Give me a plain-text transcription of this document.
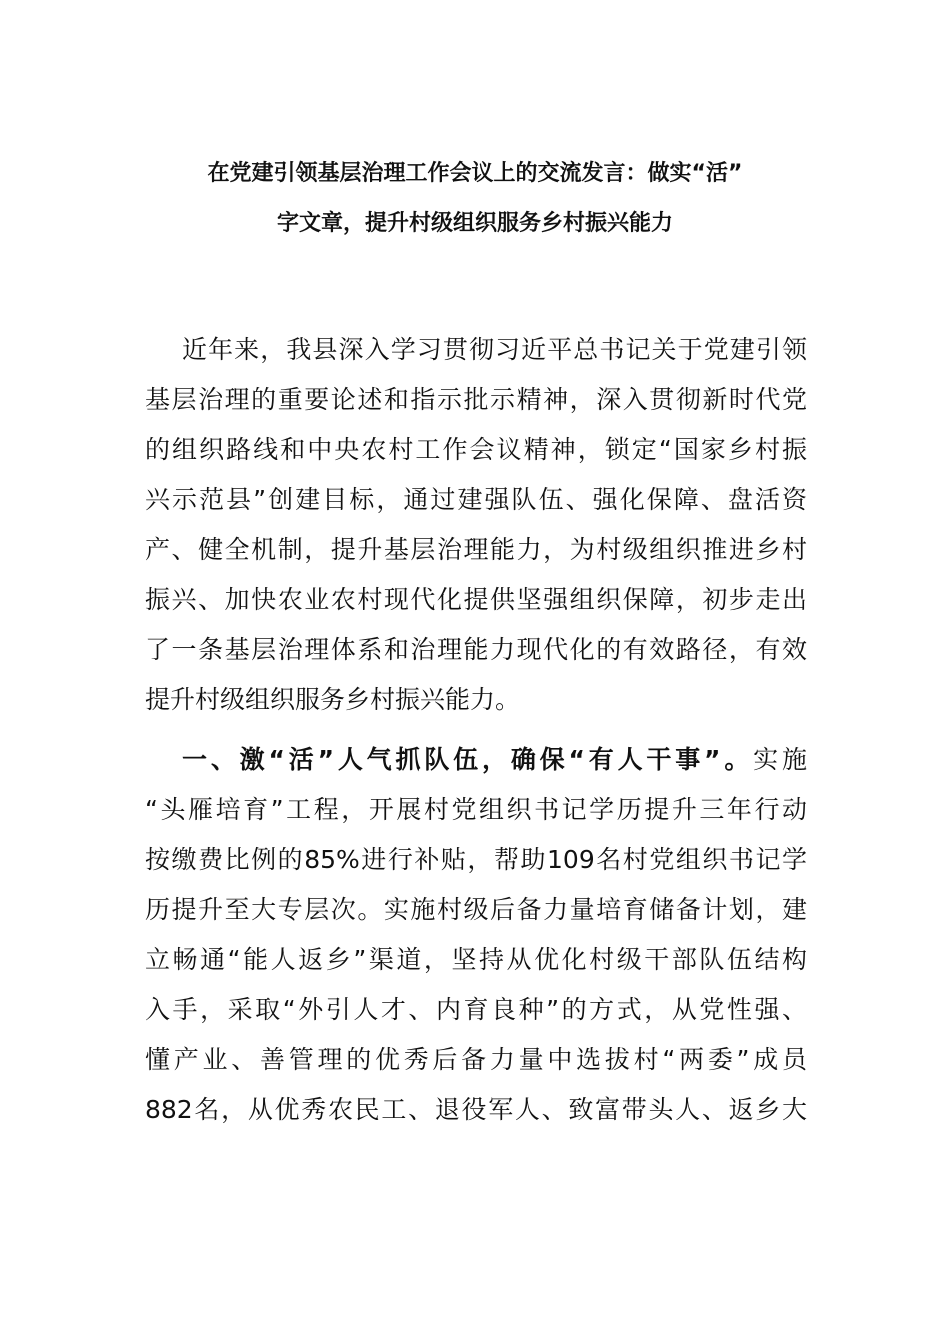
在党建引领基层治理工作会议上的交流发言：做实“活”
字文章，提升村级组织服务乡村振兴能力
近年来，我县深入学习贯彻习近平总书记关于党建引领
基层治理的重要论述和指示批示精神，深入贯彻新时代党
的组织路线和中央农村工作会议精神，锁定“国家乡村振
兴示范县”创建目标，通过建强队伍、强化保障、盘活资
产、健全机制，提升基层治理能力，为村级组织推进乡村
振兴、加快农业农村现代化提供坚强组织保障，初步走出
了一条基层治理体系和治理能力现代化的有效路径，有效
提升村级组织服务乡村振兴能力。
一、激“活”人气抓队伍，确保“有人干事”。实施
“头雁培育”工程，开展村党组织书记学历提升三年行动
按缴费比例的85%进行补贴，帮助109名村党组织书记学
历提升至大专层次。实施村级后备力量培育储备计划，建
立畅通“能人返乡”渠道，坚持从优化村级干部队伍结构
入手，采取“外引人才、内育良种”的方式，从党性强、
懂产业、善管理的优秀后备力量中选拔村“两委”成员
882名，从优秀农民工、退役军人、致富带头人、返乡大
